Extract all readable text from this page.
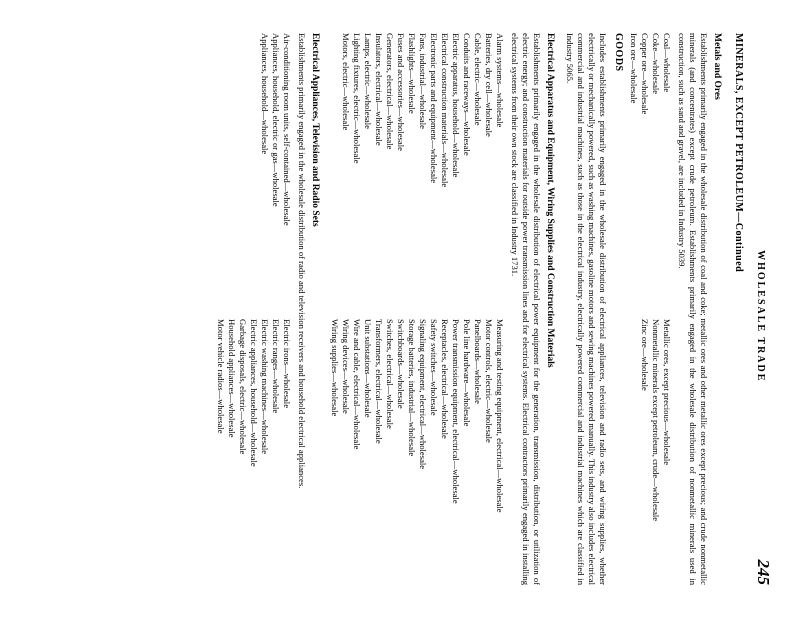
WHOLESALE TRADE
245
MINERALS, EXCEPT PETROLEUM—Continued
Metals and Ores

Establishments primarily engaged in the wholesale distribution of coal and coke; metallic ores and other metallic ores except precious; and crude nonmetallic minerals (and concentrates) except crude petroleum. Establishments primarily engaged in the wholesale distribution of nonmetallic minerals used in construction, such as sand and gravel, are included in Industry 5039.

Coal—wholesale
Coke—wholesale
Copper ore—wholesale
Iron ore—wholesale
Metallic ores, except precious—wholesale
Nonmetallic minerals except petroleum, crude—wholesale
Zinc ore—wholesale
GOODS

Includes establishments primarily engaged in the wholesale distribution of electrical appliances, television and radio sets, and wiring supplies, whether electrically or mechanically powered, such as washing machines, gasoline motors and sewing machines powered manually. This industry also includes electrical commercial and industrial machines, such as those in the electrical industry, electrically powered commercial and industrial machines which are classified in Industry 5065.

Electrical Apparatus and Equipment, Wiring Supplies and Construction Materials

Establishments primarily engaged in the wholesale distribution of electrical power equipment for the generation, transmission, distribution, or utilization of electric energy; and construction materials for outside power transmission lines and for electrical systems. Electrical contractors primarily engaged in installing electrical systems from their own stock are classified in Industry 1731.

Alarm systems—wholesale
Batteries, dry cell—wholesale
Cable, electric—wholesale
Conduits and raceways—wholesale
Electric apparatus, household—wholesale
Electrical construction materials—wholesale
Electronic parts and equipment—wholesale
Fans, industrial—wholesale
Flashlights—wholesale
Fuses and accessories—wholesale
Generators, electrical—wholesale
Insulators, electrical—wholesale
Lamps, electric—wholesale
Lighting fixtures, electric—wholesale
Motors, electric—wholesale
Measuring and testing equipment, electrical—wholesale
Motor controls, electric—wholesale
Panelboards—wholesale
Pole line hardware—wholesale
Power transmission equipment, electrical—wholesale
Receptacles, electrical—wholesale
Safety switches—wholesale
Signaling equipment, electrical—wholesale
Storage batteries, industrial—wholesale
Switchboards—wholesale
Switches, electrical—wholesale
Transformers, electrical—wholesale
Unit substations—wholesale
Wire and cable, electrical—wholesale
Wiring devices—wholesale
Wiring supplies—wholesale
Electrical Appliances, Television and Radio Sets

Establishments primarily engaged in the wholesale distribution of radio and television receivers and household electrical appliances.

Air-conditioning room units, self-contained—wholesale
Appliances, household, electric or gas—wholesale
Appliances, household—wholesale
Electric irons—wholesale
Electric ranges—wholesale
Electric washing machines—wholesale
Electric appliances, household—wholesale
Garbage disposals, electric—wholesale
Household appliances—wholesale
Motor vehicle radios—wholesale
